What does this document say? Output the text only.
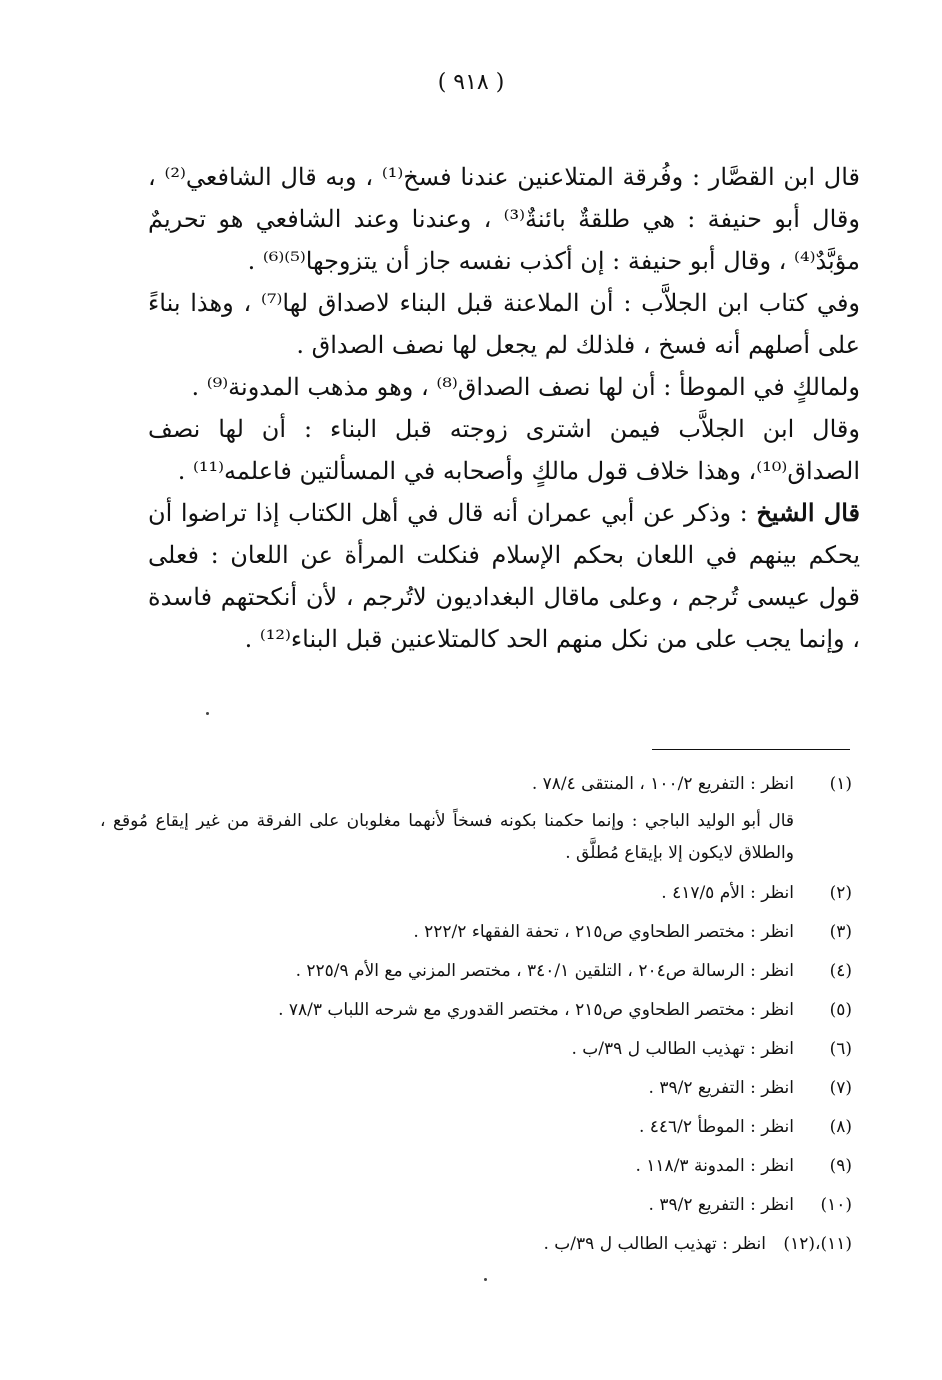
( ٩١٨ )

قال ابن القصَّار : وفُرقة المتلاعنين عندنا فسخ⁽¹⁾ ، وبه قال الشافعي⁽²⁾ ، وقال أبو حنيفة : هي طلقةٌ بائنةٌ⁽³⁾ ، وعندنا وعند الشافعي هو تحريمٌ مؤبَّدٌ⁽⁴⁾ ، وقال أبو حنيفة : إن أكذب نفسه جاز أن يتزوجها⁽⁵⁾⁽⁶⁾ .

وفي كتاب ابن الجلاَّب : أن الملاعنة قبل البناء لاصداق لها⁽⁷⁾ ، وهذا بناءً على أصلهم أنه فسخ ، فلذلك لم يجعل لها نصف الصداق .

ولمالكٍ في الموطأ : أن لها نصف الصداق⁽⁸⁾ ، وهو مذهب المدونة⁽⁹⁾ .

وقال ابن الجلاَّب فيمن اشترى زوجته قبل البناء : أن لها نصف الصداق⁽¹⁰⁾، وهذا خلاف قول مالكٍ وأصحابه في المسألتين فاعلمه⁽¹¹⁾ .

قال الشيخ : وذكر عن أبي عمران أنه قال في أهل الكتاب إذا تراضوا أن يحكم بينهم في اللعان بحكم الإسلام فنكلت المرأة عن اللعان : فعلى قول عيسى تُرجم ، وعلى ماقال البغداديون لاتُرجم ، لأن أنكحتهم فاسدة ، وإنما يجب على من نكل منهم الحد كالمتلاعنين قبل البناء⁽¹²⁾ .

(١)
انظر : التفريع ١٠٠/٢ ، المنتقى ٧٨/٤ .
قال أبو الوليد الباجي : وإنما حكمنا بكونه فسخاً لأنهما مغلوبان على الفرقة من غير إيقاع مُوقع ، والطلاق لايكون إلا بإيقاع مُطلَّق .
(٢)
انظر : الأم ٤١٧/٥ .
(٣)
انظر : مختصر الطحاوي ص٢١٥ ، تحفة الفقهاء ٢٢٢/٢ .
(٤)
انظر : الرسالة ص٢٠٤ ، التلقين ٣٤٠/١ ، مختصر المزني مع الأم ٢٢٥/٩ .
(٥)
انظر : مختصر الطحاوي ص٢١٥ ، مختصر القدوري مع شرحه اللباب ٧٨/٣ .
(٦)
انظر : تهذيب الطالب ل ٣٩/ب .
(٧)
انظر : التفريع ٣٩/٢ .
(٨)
انظر : الموطأ ٤٤٦/٢ .
(٩)
انظر : المدونة ١١٨/٣ .
(١٠)
انظر : التفريع ٣٩/٢ .
(١١)،(١٢)
انظر : تهذيب الطالب ل ٣٩/ب .
